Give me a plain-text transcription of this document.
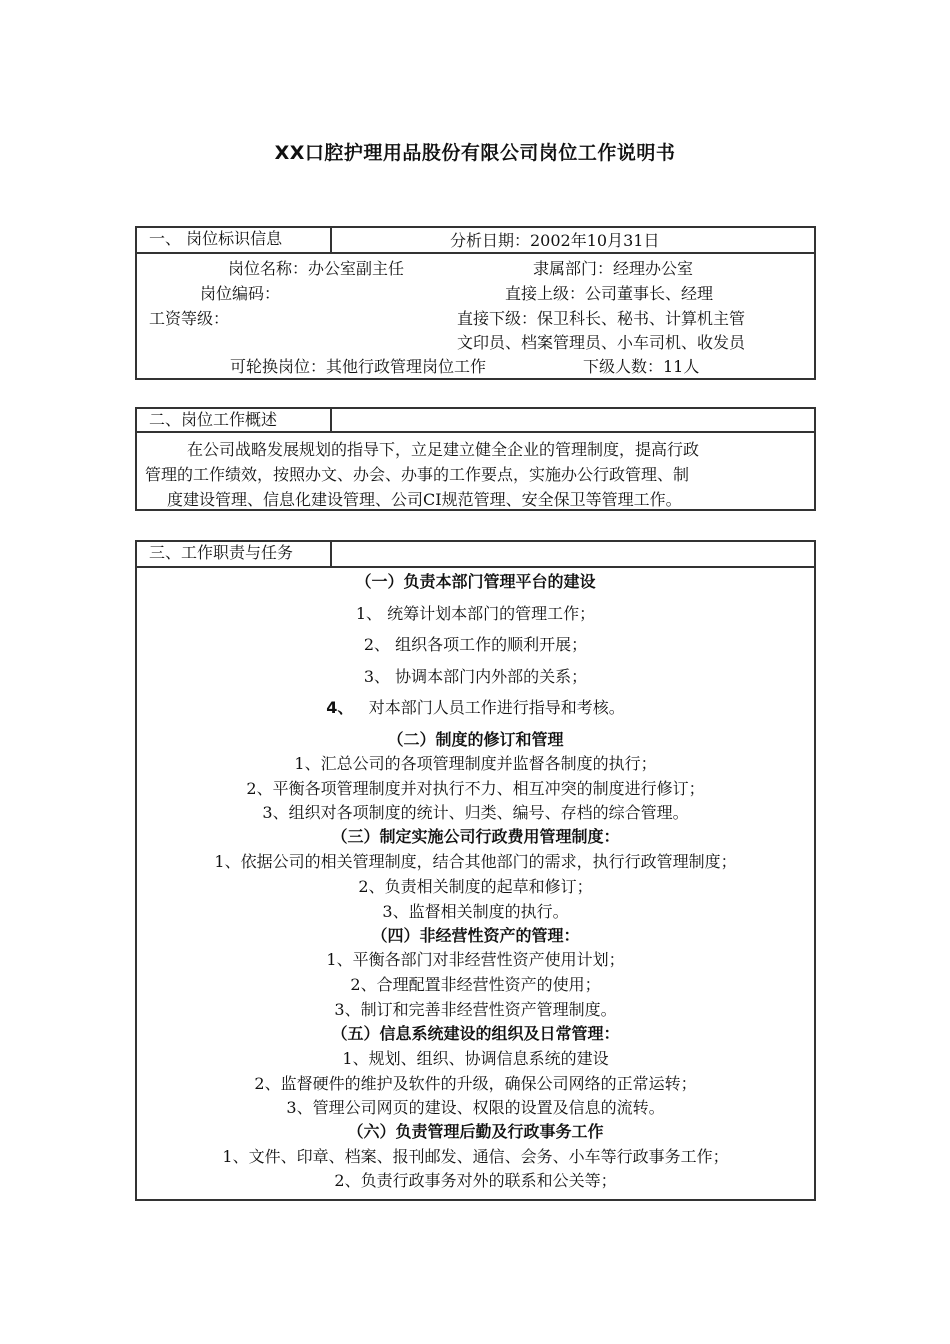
XX口腔护理用品股份有限公司岗位工作说明书
一、 岗位标识信息	分析日期：2002年10月31日
岗位名称：办公室副主任	隶属部门：经理办公室
岗位编码：	直接上级：公司董事长、经理
工资等级：	直接下级：保卫科长、秘书、计算机主管
文印员、档案管理员、小车司机、收发员
可轮换岗位：其他行政管理岗位工作	下级人数：11人
二、岗位工作概述
在公司战略发展规划的指导下，立足建立健全企业的管理制度，提高行政
管理的工作绩效，按照办文、办会、办事的工作要点，实施办公行政管理、制
度建设管理、信息化建设管理、公司CI规范管理、安全保卫等管理工作。
三、工作职责与任务
（一）负责本部门管理平台的建设
1、 统筹计划本部门的管理工作；
2、 组织各项工作的顺利开展；
3、 协调本部门内外部的关系；
4、 对本部门人员工作进行指导和考核。
（二）制度的修订和管理
1、汇总公司的各项管理制度并监督各制度的执行；
2、平衡各项管理制度并对执行不力、相互冲突的制度进行修订；
3、组织对各项制度的统计、归类、编号、存档的综合管理。
（三）制定实施公司行政费用管理制度：
1、依据公司的相关管理制度，结合其他部门的需求，执行行政管理制度；
2、负责相关制度的起草和修订；
3、监督相关制度的执行。
（四）非经营性资产的管理：
1、平衡各部门对非经营性资产使用计划；
2、合理配置非经营性资产的使用；
3、制订和完善非经营性资产管理制度。
（五）信息系统建设的组织及日常管理：
1、规划、组织、协调信息系统的建设
2、监督硬件的维护及软件的升级，确保公司网络的正常运转；
3、管理公司网页的建设、权限的设置及信息的流转。
（六）负责管理后勤及行政事务工作
1、文件、印章、档案、报刊邮发、通信、会务、小车等行政事务工作；
2、负责行政事务对外的联系和公关等；
